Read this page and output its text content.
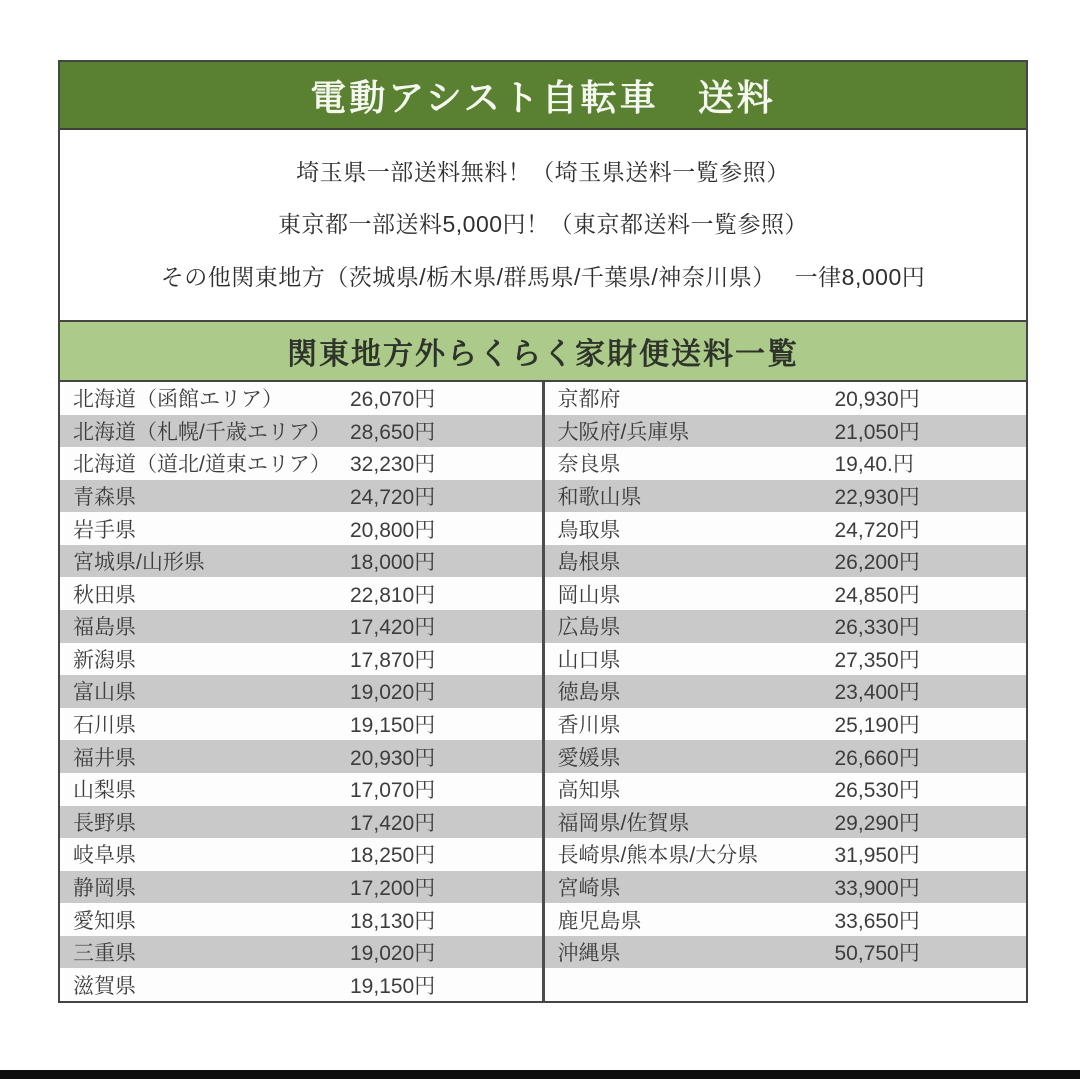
電動アシスト自転車　送料
埼玉県一部送料無料！（埼玉県送料一覧参照）
東京都一部送料5,000円！（東京都送料一覧参照）
その他関東地方（茨城県/栃木県/群馬県/千葉県/神奈川県）　 一律8,000円
関東地方外らくらく家財便送料一覧
北海道（函館エリア）	26,070円
北海道（札幌/千歳エリア） 28,650円
北海道（道北/道東エリア） 32,230円
青森県	24,720円
岩手県	20,800円
宮城県/山形県	18,000円
秋田県	22,810円
福島県	17,420円
新潟県	17,870円
富山県	19,020円
石川県	19,150円
福井県	20,930円
山梨県	17,070円
長野県	17,420円
岐阜県	18,250円
静岡県	17,200円
愛知県	18,130円
三重県	19,020円
滋賀県	19,150円
京都府	20,930円
大阪府/兵庫県	21,050円
奈良県	19,40.円
和歌山県	22,930円
鳥取県	24,720円
島根県	26,200円
岡山県	24,850円
広島県	26,330円
山口県	27,350円
徳島県	23,400円
香川県	25,190円
愛媛県	26,660円
高知県	26,530円
福岡県/佐賀県	29,290円
長崎県/熊本県/大分県	31,950円
宮崎県	33,900円
鹿児島県	33,650円
沖縄県	50,750円
